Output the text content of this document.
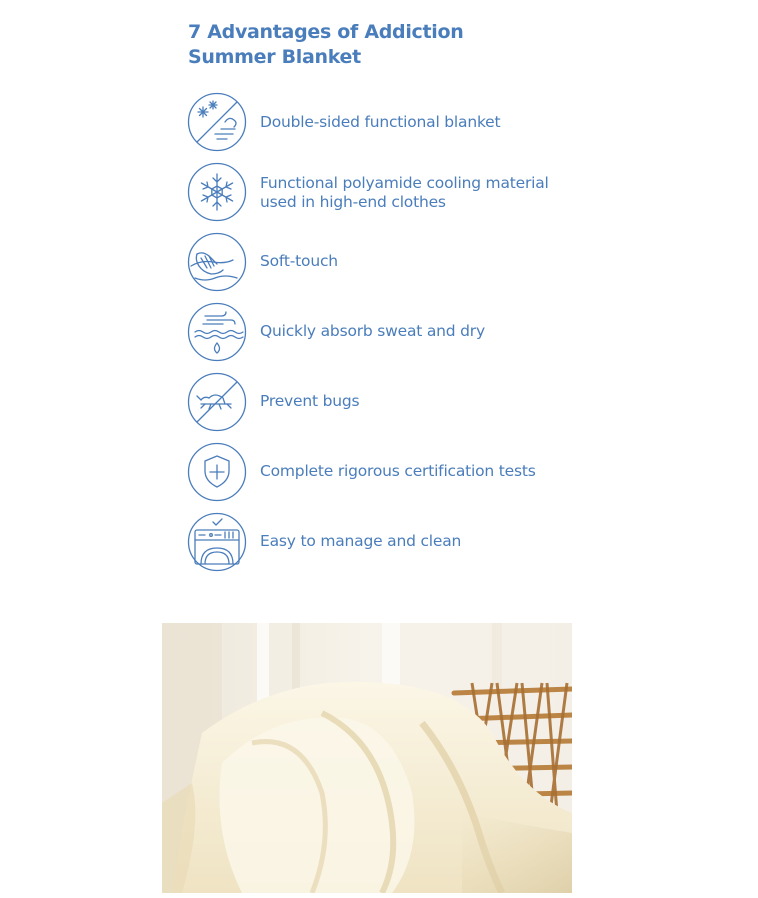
7 Advantages of Addiction
Summer Blanket
Double-sided functional blanket
Functional polyamide cooling material
used in high-end clothes
Soft-touch
Quickly absorb sweat and dry
Prevent bugs
Complete rigorous certification tests
Easy to manage and clean
